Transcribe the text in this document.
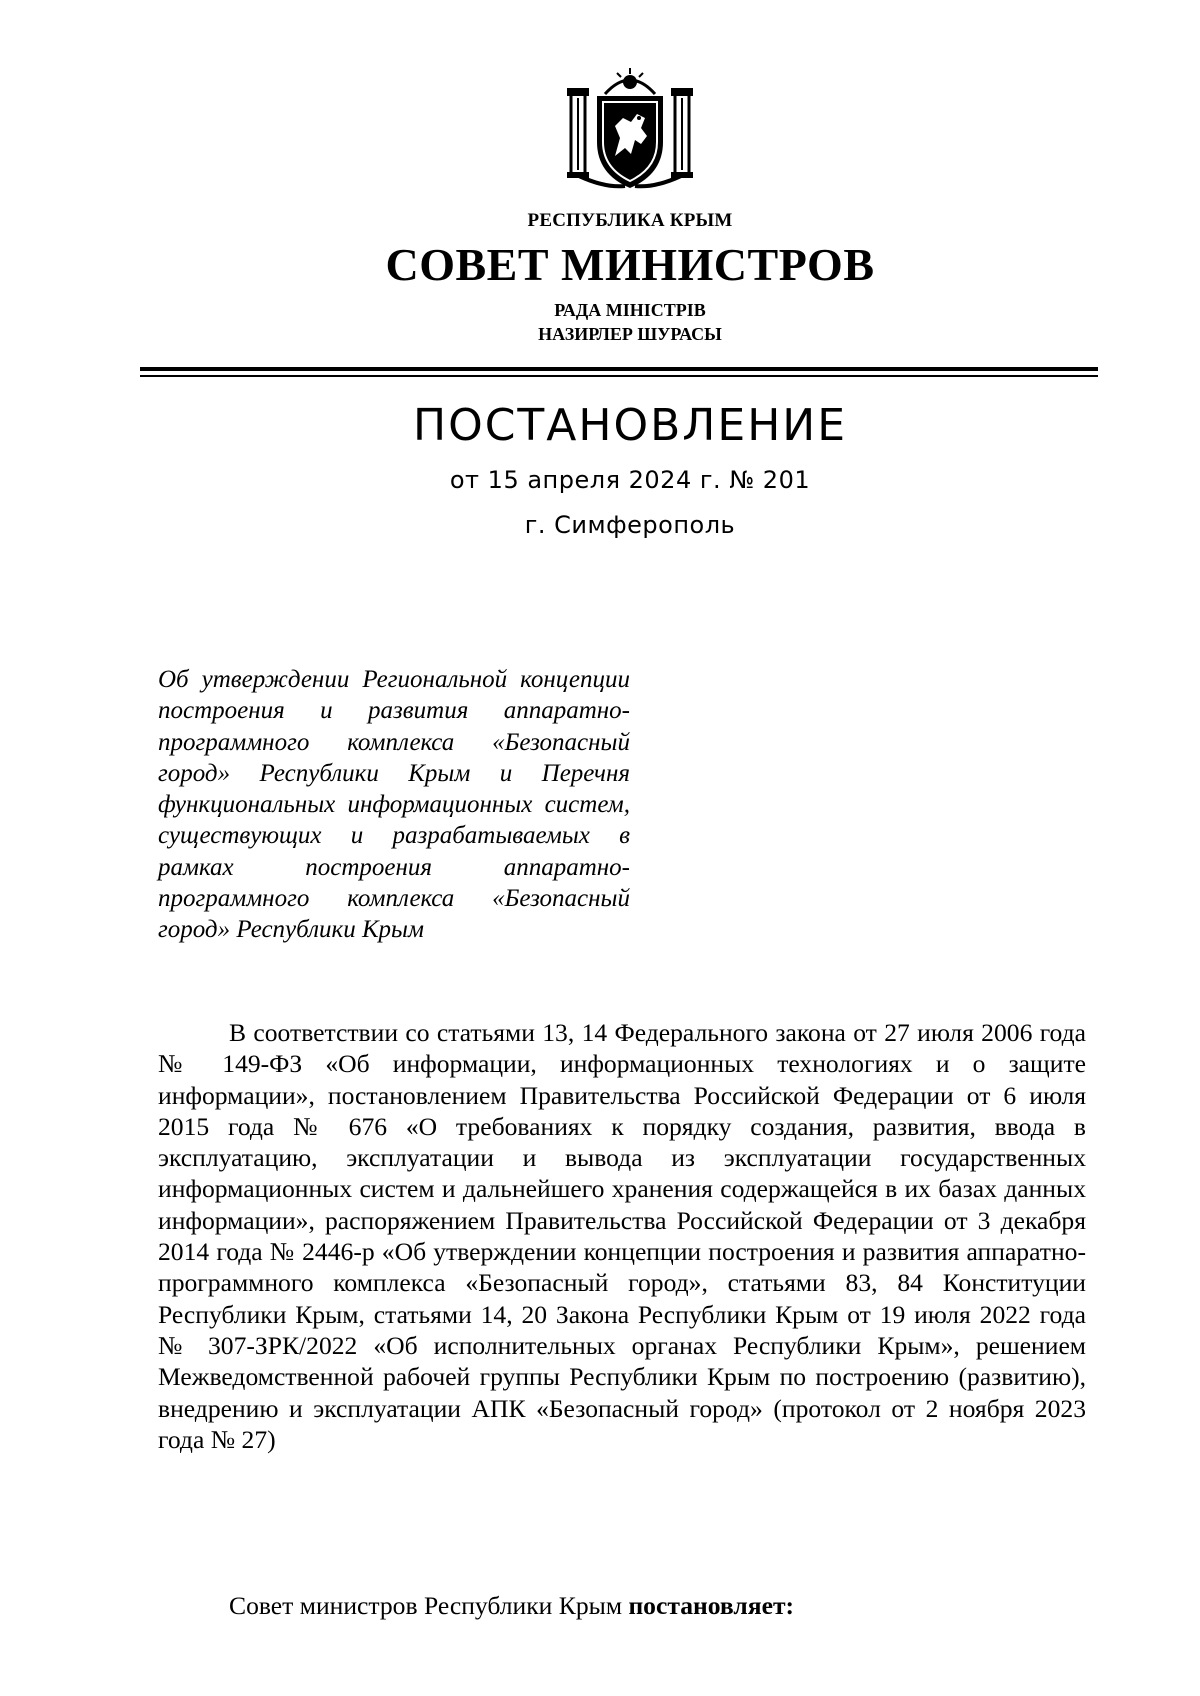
РЕСПУБЛИКА КРЫМ
СОВЕТ МИНИСТРОВ
РАДА МІНІСТРІВ
НАЗИРЛЕР ШУРАСЫ
ПОСТАНОВЛЕНИЕ
от 15 апреля 2024 г. № 201
г. Симферополь
Об утверждении Региональной концепции построения и развития аппаратно-программного комплекса «Безопасный город» Республики Крым и Перечня функциональных информационных систем, существующих и разрабатываемых в рамках построения аппаратно-программного комплекса «Безопасный город» Республики Крым
В соответствии со статьями 13, 14 Федерального закона от 27 июля 2006 года № 149-ФЗ «Об информации, информационных технологиях и о защите информации», постановлением Правительства Российской Федерации от 6 июля 2015 года № 676 «О требованиях к порядку создания, развития, ввода в эксплуатацию, эксплуатации и вывода из эксплуатации государственных информационных систем и дальнейшего хранения содержащейся в их базах данных информации», распоряжением Правительства Российской Федерации от 3 декабря 2014 года № 2446-р «Об утверждении концепции построения и развития аппаратно-программного комплекса «Безопасный город», статьями 83, 84 Конституции Республики Крым, статьями 14, 20 Закона Республики Крым от 19 июля 2022 года № 307-ЗРК/2022 «Об исполнительных органах Республики Крым», решением Межведомственной рабочей группы Республики Крым по построению (развитию), внедрению и эксплуатации АПК «Безопасный город» (протокол от 2 ноября 2023 года № 27)
Совет министров Республики Крым постановляет:
